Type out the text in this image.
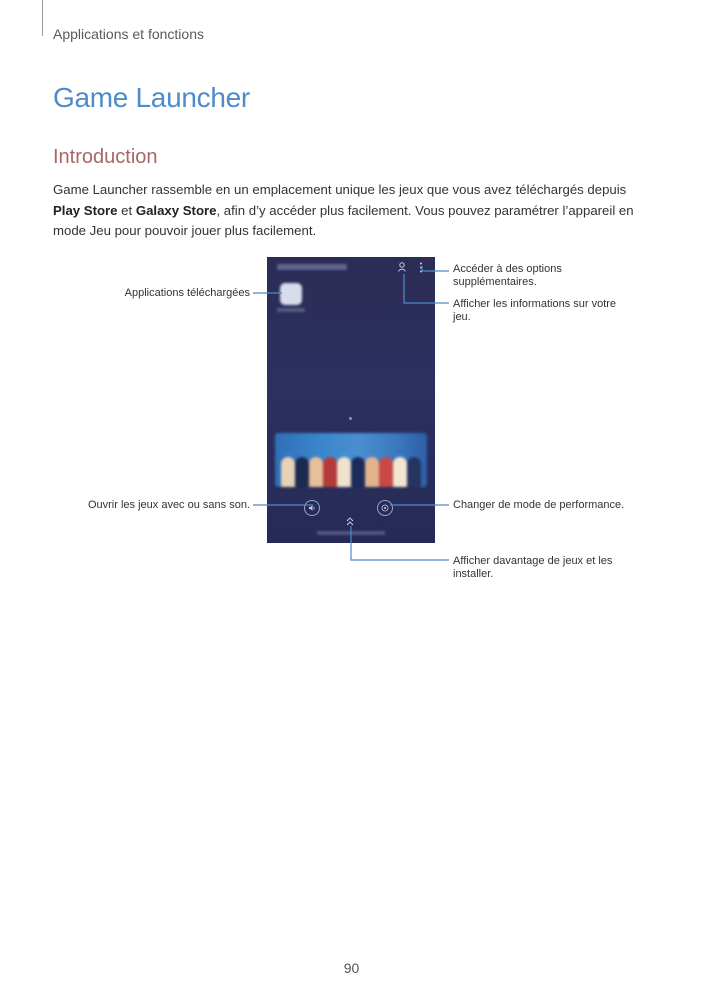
Applications et fonctions
Game Launcher
Introduction
Game Launcher rassemble en un emplacement unique les jeux que vous avez téléchargés depuis Play Store et Galaxy Store, afin d’y accéder plus facilement. Vous pouvez paramétrer l’appareil en mode Jeu pour pouvoir jouer plus facilement.
Applications téléchargées
Accéder à des options supplémentaires.
Afficher les informations sur votre jeu.
Ouvrir les jeux avec ou sans son.	Changer de mode de performance.
Afficher davantage de jeux et les installer.
90
